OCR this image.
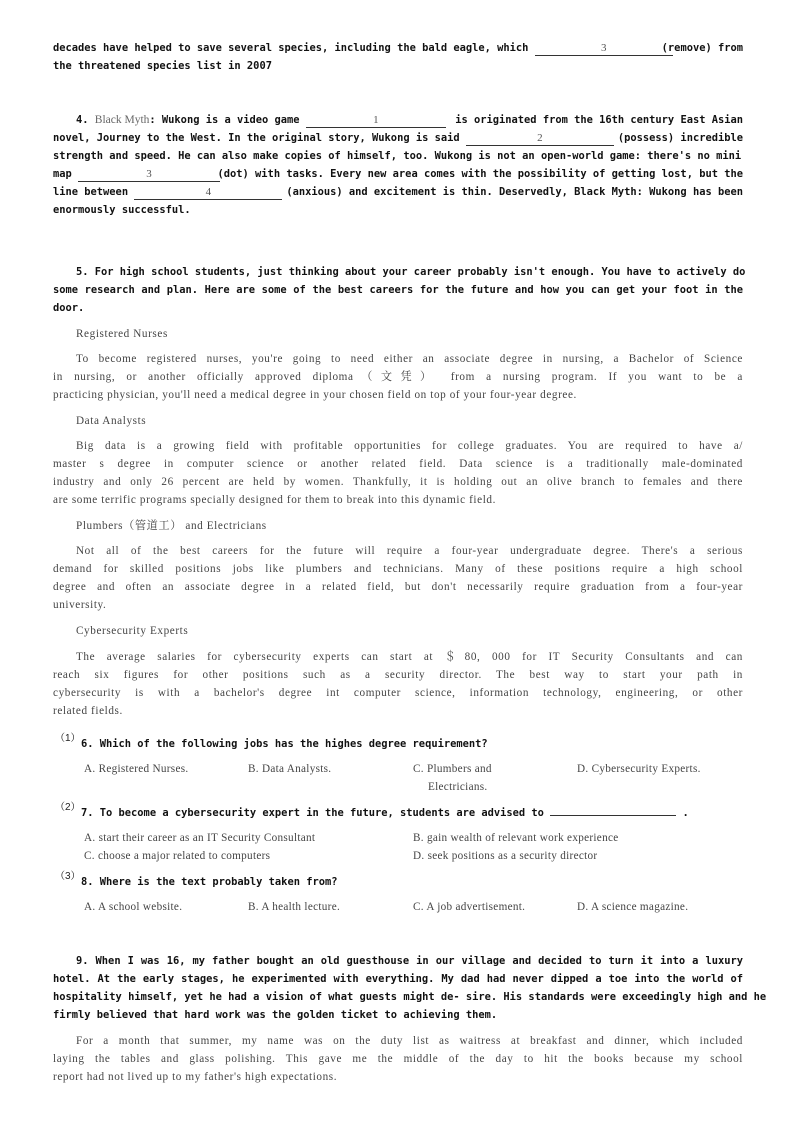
decades have helped to save several species, including the bald eagle, which	3	(remove) from
the threatened species list in 2007
4. Black Myth: Wukong is a video game	1	is originated from the 16th century East Asian
novel, Journey to the West. In the original story, Wukong is said	2	(possess) incredible
strength and speed. He can also make copies of himself, too. Wukong is not an open-world game: there's no mini
map	3	(dot) with tasks. Every new area comes with the possibility of getting lost, but the
line between	4	(anxious) and excitement is thin. Deservedly, Black Myth: Wukong has been
enormously successful.
5. For high school students, just thinking about your career probably isn't enough. You have to actively do
some research and plan. Here are some of the best careers for the future and how you can get your foot in the
door.
Registered Nurses
To become registered nurses, you're going to need either an associate degree in nursing, a Bachelor of Science
in nursing, or another officially approved diploma（文凭） from a nursing program. If you want to be a
practicing physician, you'll need a medical degree in your chosen field on top of your four-year degree.
Data Analysts
Big data is a growing field with profitable opportunities for college graduates. You are required to have a/
master s degree in computer science or another related field. Data science is a traditionally male-dominated
industry and only 26 percent are held by women. Thankfully, it is holding out an olive branch to females and there
are some terrific programs specially designed for them to break into this dynamic field.
Plumbers（管道工） and Electricians
Not all of the best careers for the future will require a four-year undergraduate degree. There's a serious
demand for skilled positions jobs like plumbers and technicians. Many of these positions require a high school
degree and often an associate degree in a related field, but don't necessarily require graduation from a four-year
university.
Cybersecurity Experts
The average salaries for cybersecurity experts can start at ＄80, 000 for IT Security Consultants and can
reach six figures for other positions such as a security director. The best way to start your path in
cybersecurity is with a bachelor's degree int computer science, information technology, engineering, or other
related fields.
（1） 6. Which of the following jobs has the highes degree requirement?
A. Registered Nurses.	B. Data Analysts.	C. Plumbers and
Electricians.
D. Cybersecurity Experts.
（2） 7. To become a cybersecurity expert in the future, students are advised to	.
A. start their career as an IT Security Consultant	B. gain wealth of relevant work experience
C. choose a major related to computers	D. seek positions as a security director
（3） 8. Where is the text probably taken from?
A. A school website.	B. A health lecture.	C. A job advertisement.	D. A science magazine.
9. When I was 16, my father bought an old guesthouse in our village and decided to turn it into a luxury
hotel. At the early stages, he experimented with everything. My dad had never dipped a toe into the world of
hospitality himself, yet he had a vision of what guests might de- sire. His standards were exceedingly high and he
firmly believed that hard work was the golden ticket to achieving them.
For a month that summer, my name was on the duty list as waitress at breakfast and dinner, which included
laying the tables and glass polishing. This gave me the middle of the day to hit the books because my school
report had not lived up to my father's high expectations.
